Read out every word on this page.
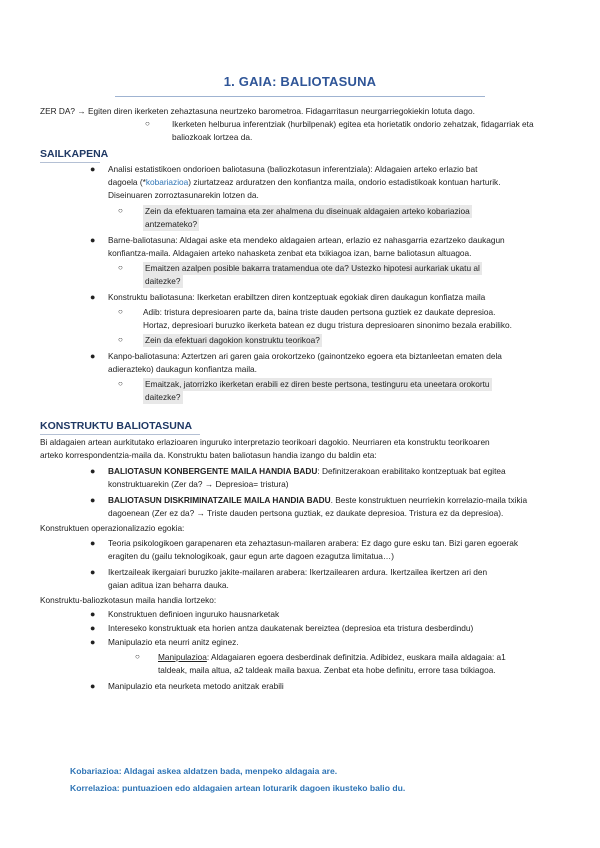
1. GAIA: BALIOTASUNA
ZER DA? → Egiten diren ikerketen zehaztasuna neurtzeko barometroa. Fidagarritasun neurgarriegokiekin lotuta dago.
○	Ikerketen helburua inferentziak (hurbilpenak) egitea eta horietatik ondorio zehatzak, fidagarriak eta
baliozkoak lortzea da.
SAILKAPENA
● Analisi estatistikoen ondorioen baliotasuna (baliozkotasun inferentziala): Aldagaien arteko erlazio bat
dagoela (*kobariazioa) ziurtatzeaz arduratzen den konfiantza maila, ondorio estadistikoak kontuan harturik.
Diseinuaren zorroztasunarekin lotzen da.
○	Zein da efektuaren tamaina eta zer ahalmena du diseinuak aldagaien arteko kobariazioa
antzemateko?
● Barne-baliotasuna: Aldagai aske eta mendeko aldagaien artean, erlazio ez nahasgarria ezartzeko daukagun
konfiantza-maila. Aldagaien arteko nahasketa zenbat eta txikiagoa izan, barne baliotasun altuagoa.
○	Emaitzen azalpen posible bakarra tratamendua ote da? Ustezko hipotesi aurkariak ukatu al
daitezke?
● Konstruktu baliotasuna: Ikerketan erabiltzen diren kontzeptuak egokiak diren daukagun konfiatza maila
○ Adib: tristura depresioaren parte da, baina triste dauden pertsona guztiek ez daukate depresioa.
Hortaz, depresioari buruzko ikerketa batean ez dugu tristura depresioaren sinonimo bezala erabiliko.
○	Zein da efektuari dagokion konstruktu teorikoa?
● Kanpo-baliotasuna: Aztertzen ari garen gaia orokortzeko (gainontzeko egoera eta biztanleetan ematen dela
adierazteko) daukagun konfiantza maila.
○	Emaitzak, jatorrizko ikerketan erabili ez diren beste pertsona, testinguru eta uneetara orokortu
daitezke?
KONSTRUKTU BALIOTASUNA
Bi aldagaien artean aurkitutako erlazioaren inguruko interpretazio teorikoari dagokio. Neurriaren eta konstruktu teorikoaren
arteko korrespondentzia-maila da. Konstruktu baten baliotasun handia izango du baldin eta:
● BALIOTASUN KONBERGENTE MAILA HANDIA BADU: Definitzerakoan erabilitako kontzeptuak bat egitea
konstruktuarekin (Zer da? → Depresioa= tristura)
● BALIOTASUN DISKRIMINATZAILE MAILA HANDIA BADU. Beste konstruktuen neurriekin korrelazio-maila txikia
dagoenean (Zer ez da? → Triste dauden pertsona guztiak, ez daukate depresioa. Tristura ez da depresioa).
Konstruktuen operazionalizazio egokia:
● Teoria psikologikoen garapenaren eta zehaztasun-mailaren arabera: Ez dago gure esku tan. Bizi garen egoerak
eragiten du (gailu teknologikoak, gaur egun arte dagoen ezagutza limitatua…)
● Ikertzaileak ikergaiari buruzko jakite-mailaren arabera: Ikertzailearen ardura. Ikertzailea ikertzen ari den
gaian aditua izan beharra dauka.
Konstruktu-baliozkotasun maila handia lortzeko:
● Konstruktuen definioen inguruko hausnarketak
● Intereseko konstruktuak eta horien antza daukatenak bereiztea (depresioa eta tristura desberdindu)
● Manipulazio eta neurri anitz eginez.
○ Manipulazioa: Aldagaiaren egoera desberdinak definitzia. Adibidez, euskara maila aldagaia: a1
taldeak, maila altua, a2 taldeak maila baxua. Zenbat eta hobe definitu, errore tasa txikiagoa.
● Manipulazio eta neurketa metodo anitzak erabili
Kobariazioa: Aldagai askea aldatzen bada, menpeko aldagaia are.
Korrelazioa: puntuazioen edo aldagaien artean loturarik dagoen ikusteko balio du.
